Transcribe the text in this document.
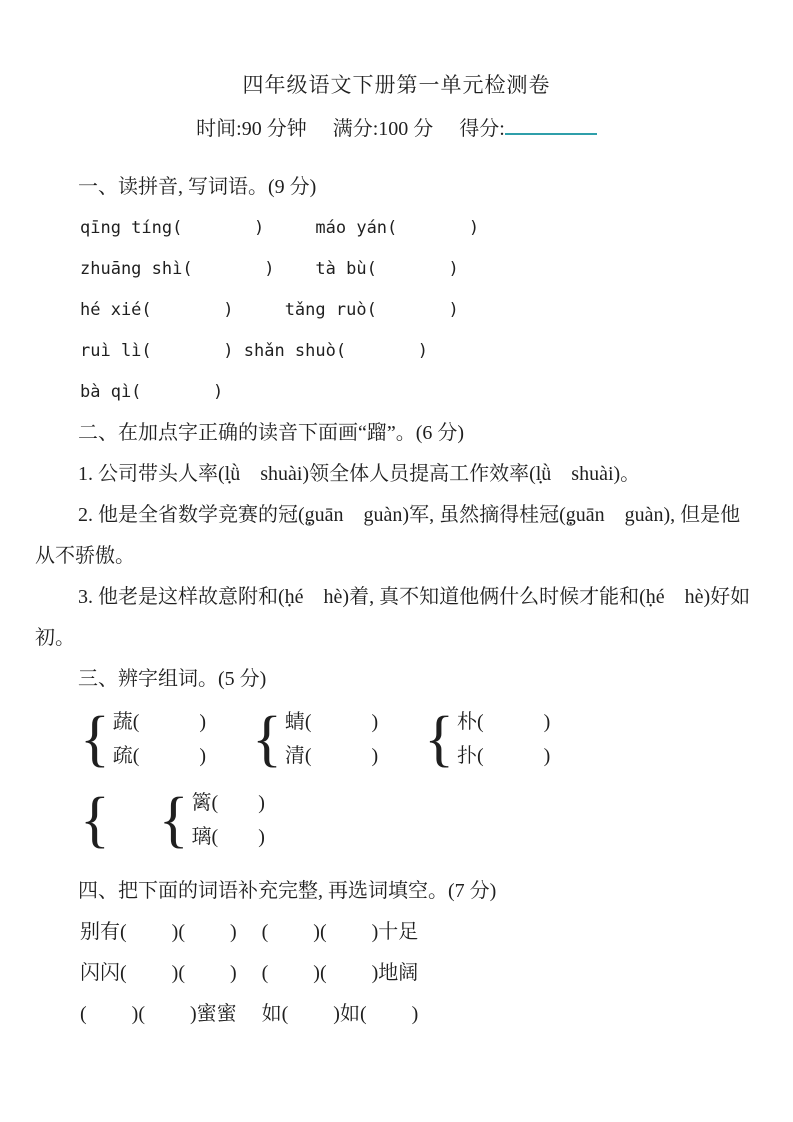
四年级语文下册第一单元检测卷
时间:90 分钟 满分:100 分 得分:
一、读拼音, 写词语。(9 分)
qīng tíng(       )     máo yán(       )
zhuāng shì(       )    tà bù(       )
hé xié(       )     tǎng ruò(       )
ruì lì(       ) shǎn shuò(       )
bà qì(       )
二、在加点字正确的读音下面画“蹓”。(6 分)

1. 公司带头人率(lǜ　shuài)领全体人员提高工作效率(lǜ　shuài)。

2. 他是全省数学竞赛的冠(guān　guàn)军, 虽然摘得桂冠(guān　guàn), 但是他从不骄傲。

3. 他老是这样故意附和(hé　hè)着, 真不知道他俩什么时候才能和(hé　hè)好如初。

三、辨字组词。(5 分)
{ 蔬(　　　)
疏(　　　) { 蜻(　　　)
清(　　　) { 朴(　　　)
扑(　　　)
{ { 篱(　　)
璃(　　)
四、把下面的词语补充完整, 再选词填空。(7 分)
别有(　　 )(　　 )　 (　　 )(　　 )十足
闪闪(　　 )(　　 )　 (　　 )(　　 )地阔
(　　 )(　　 )蜜蜜　 如(　　 )如(　　 )
